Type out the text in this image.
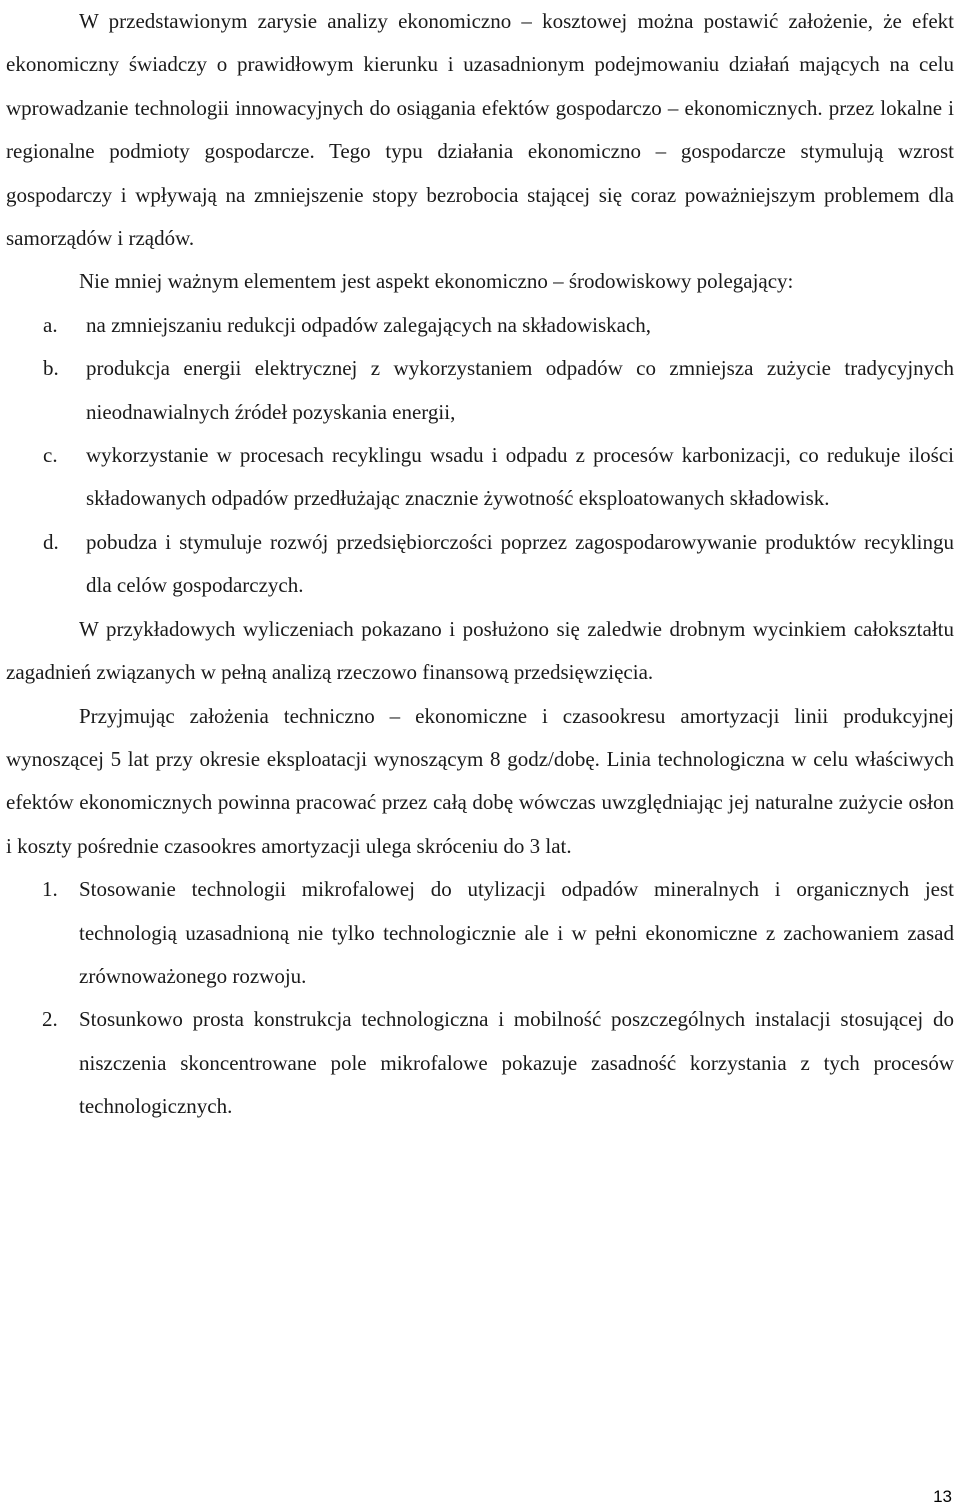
W przedstawionym zarysie analizy ekonomiczno – kosztowej można postawić założenie, że efekt ekonomiczny świadczy o prawidłowym kierunku i uzasadnionym podejmowaniu działań mających na celu wprowadzanie technologii innowacyjnych do osiągania efektów gospodarczo – ekonomicznych. przez lokalne i regionalne podmioty gospodarcze. Tego typu działania ekonomiczno – gospodarcze stymulują wzrost gospodarczy i wpływają na zmniejszenie stopy bezrobocia stającej się coraz poważniejszym problemem dla samorządów i rządów.

Nie mniej ważnym elementem jest aspekt ekonomiczno – środowiskowy polegający:

a. na zmniejszaniu redukcji odpadów zalegających na składowiskach,
b. produkcja energii elektrycznej z wykorzystaniem odpadów co zmniejsza zużycie tradycyjnych nieodnawialnych źródeł pozyskania energii,
c. wykorzystanie w procesach recyklingu wsadu i odpadu z procesów karbonizacji, co redukuje ilości składowanych odpadów przedłużając znacznie żywotność eksploatowanych składowisk.
d. pobudza i stymuluje rozwój przedsiębiorczości poprzez zagospodarowywanie produktów recyklingu dla celów gospodarczych.

W przykładowych wyliczeniach pokazano i posłużono się zaledwie drobnym wycinkiem całokształtu zagadnień związanych w pełną analizą rzeczowo finansową przedsięwzięcia.

Przyjmując założenia techniczno – ekonomiczne i czasookresu amortyzacji linii produkcyjnej wynoszącej 5 lat przy okresie eksploatacji wynoszącym 8 godz/dobę. Linia technologiczna w celu właściwych efektów ekonomicznych powinna pracować przez całą dobę wówczas uwzględniając jej naturalne zużycie osłon i koszty pośrednie czasookres amortyzacji ulega skróceniu do 3 lat.

1. Stosowanie technologii mikrofalowej do utylizacji odpadów mineralnych i organicznych jest technologią uzasadnioną nie tylko technologicznie ale i w pełni ekonomiczne z zachowaniem zasad zrównoważonego rozwoju.
2. Stosunkowo prosta konstrukcja technologiczna i mobilność poszczególnych instalacji stosującej do niszczenia skoncentrowane pole mikrofalowe pokazuje zasadność korzystania z tych procesów technologicznych.
13
